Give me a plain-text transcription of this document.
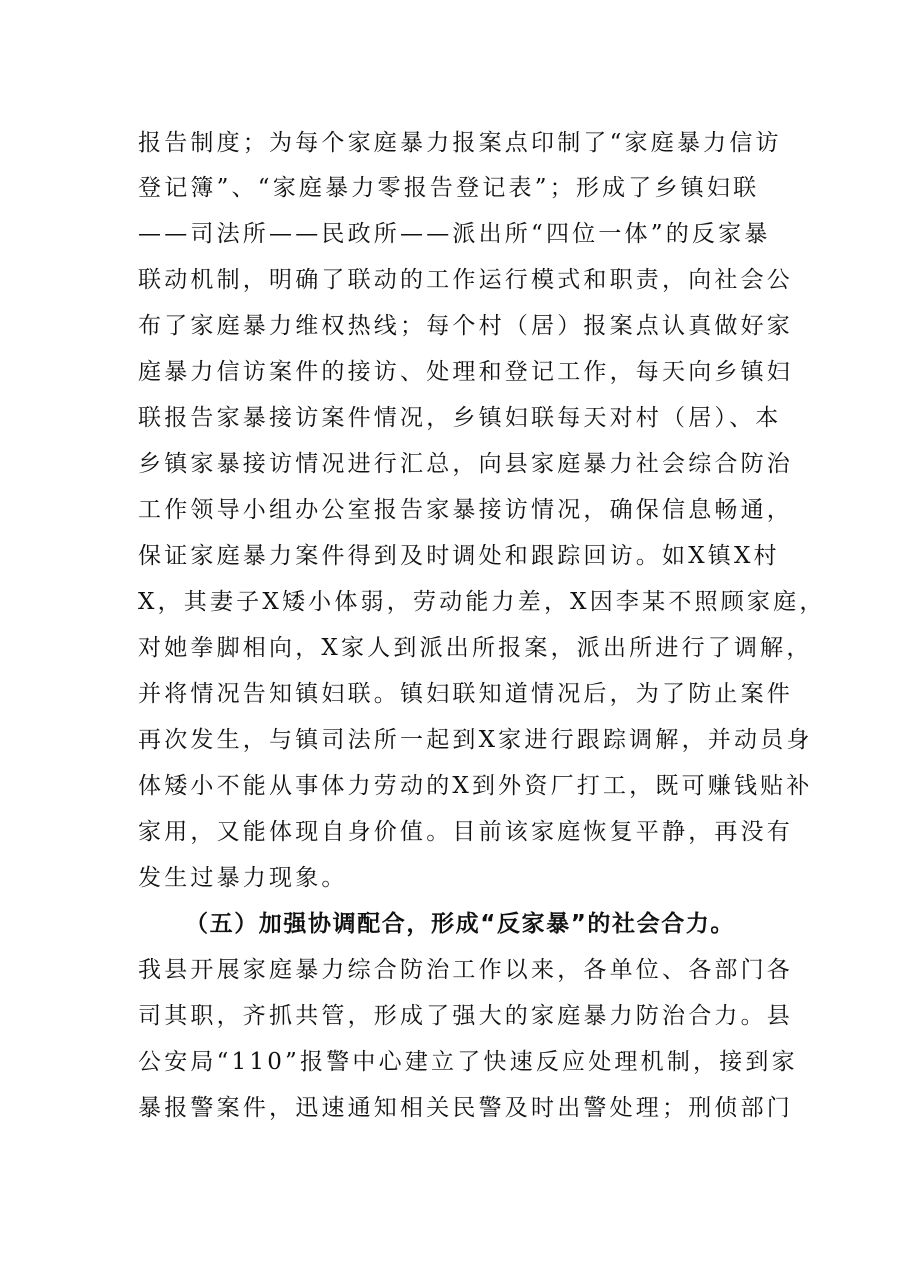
报告制度；为每个家庭暴力报案点印制了“家庭暴力信访
登记簿”、“家庭暴力零报告登记表”；形成了乡镇妇联
——司法所——民政所——派出所“四位一体”的反家暴
联动机制，明确了联动的工作运行模式和职责，向社会公
布了家庭暴力维权热线；每个村（居）报案点认真做好家
庭暴力信访案件的接访、处理和登记工作，每天向乡镇妇
联报告家暴接访案件情况，乡镇妇联每天对村（居）、本
乡镇家暴接访情况进行汇总，向县家庭暴力社会综合防治
工作领导小组办公室报告家暴接访情况，确保信息畅通，
保证家庭暴力案件得到及时调处和跟踪回访。如X镇X村
X，其妻子X矮小体弱，劳动能力差，X因李某不照顾家庭，
对她拳脚相向，X家人到派出所报案，派出所进行了调解，
并将情况告知镇妇联。镇妇联知道情况后，为了防止案件
再次发生，与镇司法所一起到X家进行跟踪调解，并动员身
体矮小不能从事体力劳动的X到外资厂打工，既可赚钱贴补
家用，又能体现自身价值。目前该家庭恢复平静，再没有
发生过暴力现象。
（五）加强协调配合，形成“反家暴”的社会合力。
我县开展家庭暴力综合防治工作以来，各单位、各部门各
司其职，齐抓共管，形成了强大的家庭暴力防治合力。县
公安局“110”报警中心建立了快速反应处理机制，接到家
暴报警案件，迅速通知相关民警及时出警处理；刑侦部门
